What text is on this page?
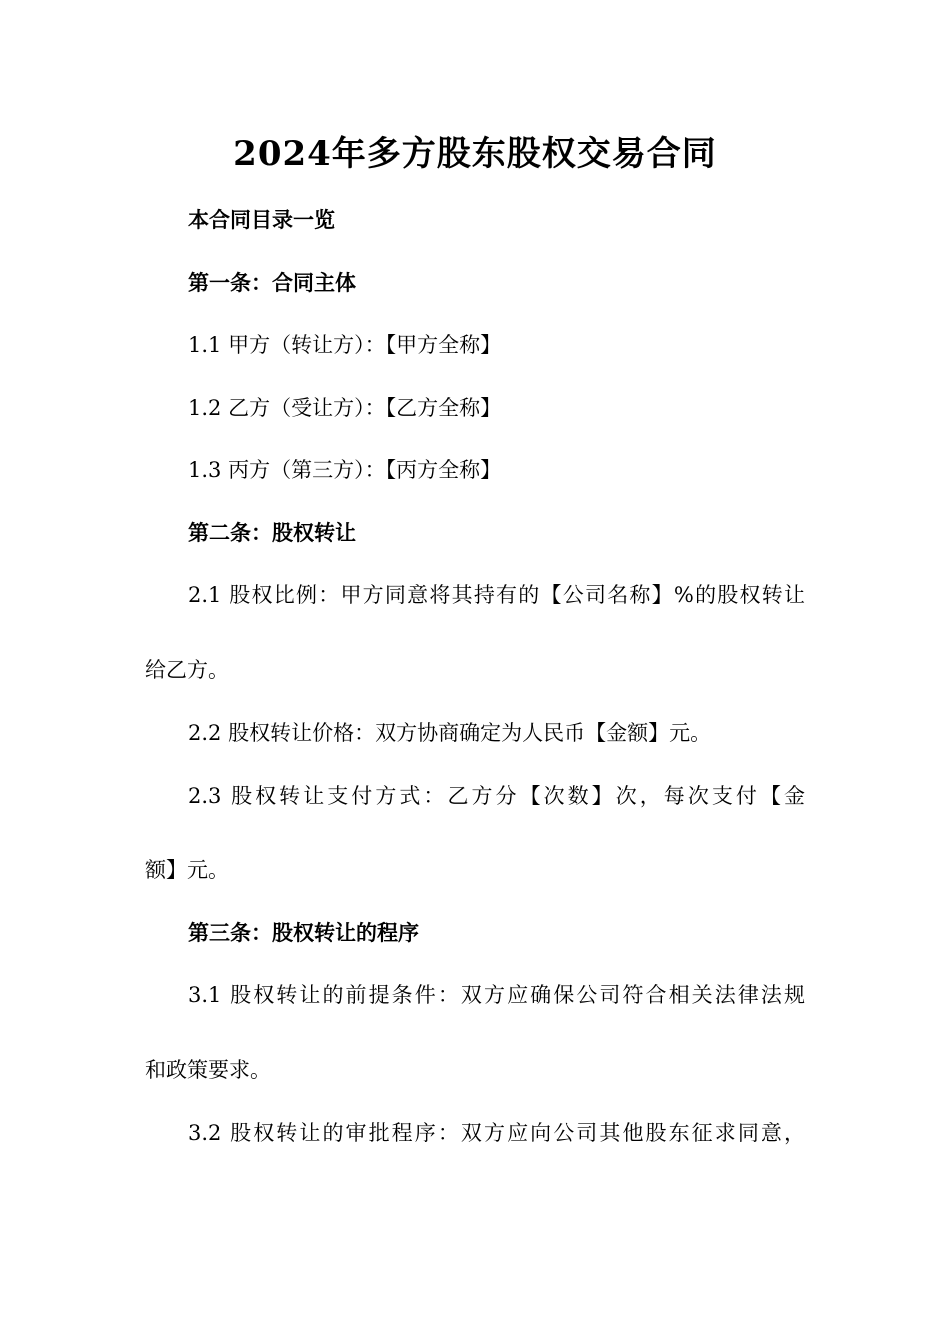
2024年多方股东股权交易合同
本合同目录一览
第一条：合同主体
1.1 甲方（转让方）：【甲方全称】
1.2 乙方（受让方）：【乙方全称】
1.3 丙方（第三方）：【丙方全称】
第二条：股权转让
2.1 股权比例：甲方同意将其持有的【公司名称】%的股权转让
给乙方。
2.2 股权转让价格：双方协商确定为人民币【金额】元。
2.3 股权转让支付方式：乙方分【次数】次，每次支付【金
额】元。
第三条：股权转让的程序
3.1 股权转让的前提条件：双方应确保公司符合相关法律法规
和政策要求。
3.2 股权转让的审批程序：双方应向公司其他股东征求同意，
